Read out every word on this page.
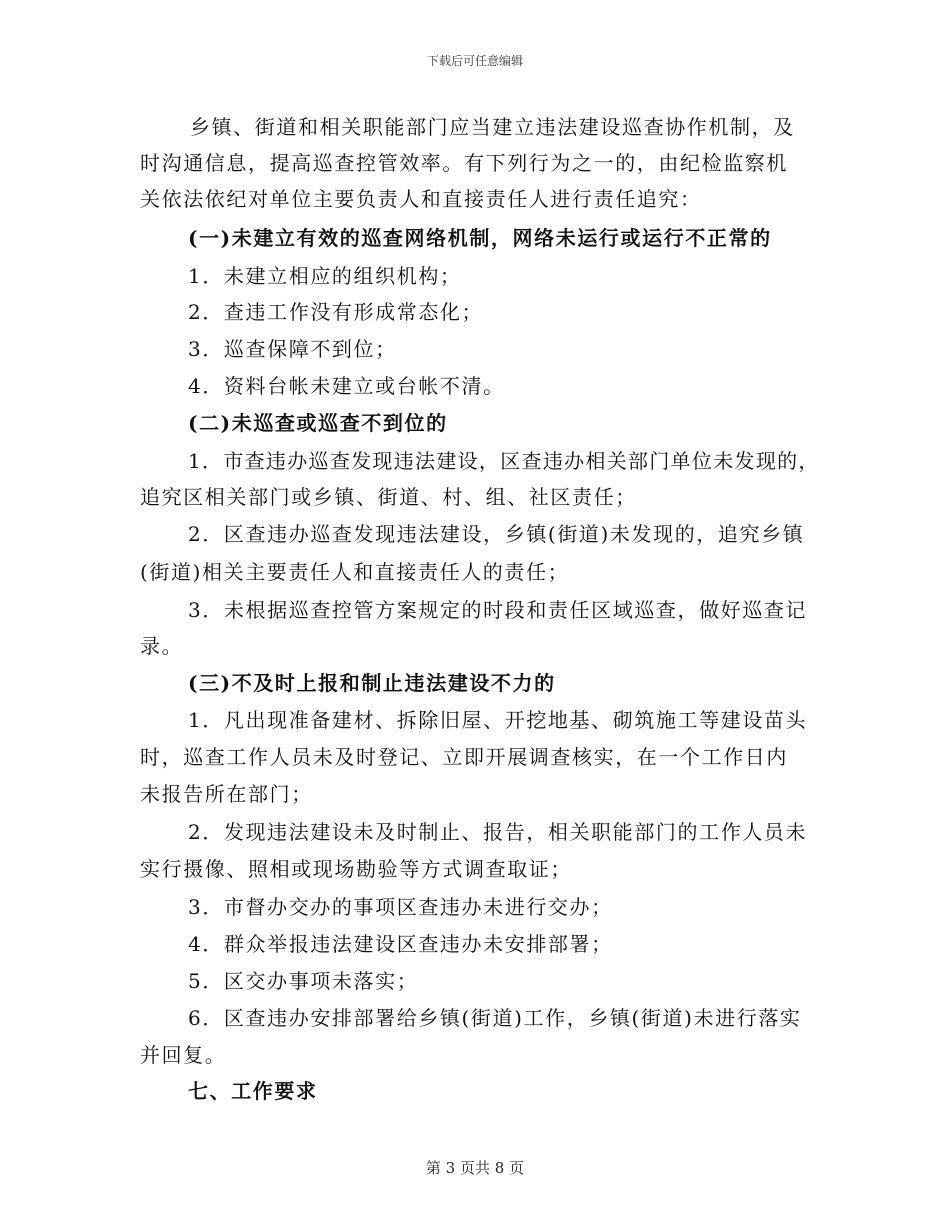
下载后可任意编辑
乡镇、街道和相关职能部门应当建立违法建设巡查协作机制，及
时沟通信息，提高巡查控管效率。有下列行为之一的，由纪检监察机
关依法依纪对单位主要负责人和直接责任人进行责任追究：
(一)未建立有效的巡查网络机制，网络未运行或运行不正常的
1．未建立相应的组织机构；
2．查违工作没有形成常态化；
3．巡查保障不到位；
4．资料台帐未建立或台帐不清。
(二)未巡查或巡查不到位的
1．市查违办巡查发现违法建设，区查违办相关部门单位未发现的，
追究区相关部门或乡镇、街道、村、组、社区责任；
2．区查违办巡查发现违法建设，乡镇(街道)未发现的，追究乡镇
(街道)相关主要责任人和直接责任人的责任；
3．未根据巡查控管方案规定的时段和责任区域巡查，做好巡查记
录。
(三)不及时上报和制止违法建设不力的
1．凡出现准备建材、拆除旧屋、开挖地基、砌筑施工等建设苗头
时，巡查工作人员未及时登记、立即开展调查核实，在一个工作日内
未报告所在部门；
2．发现违法建设未及时制止、报告，相关职能部门的工作人员未
实行摄像、照相或现场勘验等方式调查取证；
3．市督办交办的事项区查违办未进行交办；
4．群众举报违法建设区查违办未安排部署；
5．区交办事项未落实；
6．区查违办安排部署给乡镇(街道)工作，乡镇(街道)未进行落实
并回复。
七、工作要求
第 3 页共 8 页
